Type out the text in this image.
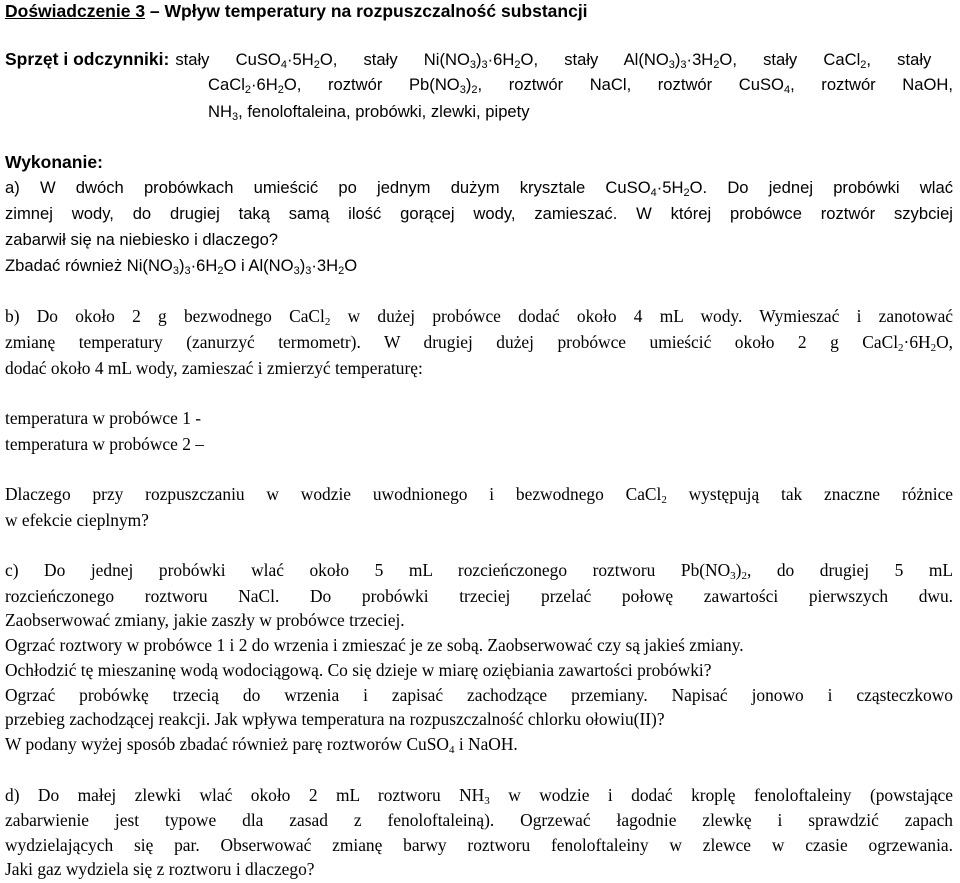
Doświadczenie 3 – Wpływ temperatury na rozpuszczalność substancji
Sprzęt i odczynniki: stały $CuSO_4\cdot 5H_2O$, stały $Ni(NO_3)_3\cdot 6H_2O$, stały $Al(NO_3)_3\cdot 3H_2O$, stały CaCl$_2$, stały
$CaCl_2\cdot 6H_2O$, roztwór $Pb(NO_3)_2$, roztwór NaCl, roztwór CuSO$_4$, roztwór NaOH,
$NH_3$, fenoloftaleina, probówki, zlewki, pipety
Wykonanie:
a) W dwóch probówkach umieścić po jednym dużym krysztale $CuSO_4\cdot 5H_2O$. Do jednej probówki wlać
zimnej wody, do drugiej taką samą ilość gorącej wody, zamieszać. W której probówce roztwór szybciej
zabarwił się na niebiesko i dlaczego?
Zbadać również $Ni(NO_3)_3\cdot 6H_2O$ i $Al(NO_3)_3\cdot 3H_2O$
b) Do około 2 g bezwodnego CaCl$_2$ w dużej probówce dodać około 4 mL wody. Wymieszać i zanotować
zmianę temperatury (zanurzyć termometr). W drugiej dużej probówce umieścić około 2 g $CaCl_2\cdot 6H_2O$,
dodać około 4 mL wody, zamieszać i zmierzyć temperaturę:
temperatura w probówce 1 -
temperatura w probówce 2 –
Dlaczego przy rozpuszczaniu w wodzie uwodnionego i bezwodnego CaCl$_2$ występują tak znaczne różnice
w efekcie cieplnym?
c) Do jednej probówki wlać około 5 mL rozcieńczonego roztworu $Pb(NO_3)_2$, do drugiej 5 mL
rozcieńczonego roztworu NaCl. Do probówki trzeciej przelać połowę zawartości pierwszych dwu.
Zaobserwować zmiany, jakie zaszły w probówce trzeciej.
Ogrzać roztwory w probówce 1 i 2 do wrzenia i zmieszać je ze sobą. Zaobserwować czy są jakieś zmiany.
Ochłodzić tę mieszaninę wodą wodociągową. Co się dzieje w miarę oziębiania zawartości probówki?
Ogrzać probówkę trzecią do wrzenia i zapisać zachodzące przemiany. Napisać jonowo i cząsteczkowo
przebieg zachodzącej reakcji. Jak wpływa temperatura na rozpuszczalność chlorku ołowiu(II)?
W podany wyżej sposób zbadać również parę roztworów CuSO$_4$ i NaOH.
d) Do małej zlewki wlać około 2 mL roztworu $NH_3$ w wodzie i dodać kroplę fenoloftaleiny (powstające
zabarwienie jest typowe dla zasad z fenoloftaleiną). Ogrzewać łagodnie zlewkę i sprawdzić zapach
wydzielających się par. Obserwować zmianę barwy roztworu fenoloftaleiny w zlewce w czasie ogrzewania.
Jaki gaz wydziela się z roztworu i dlaczego?
